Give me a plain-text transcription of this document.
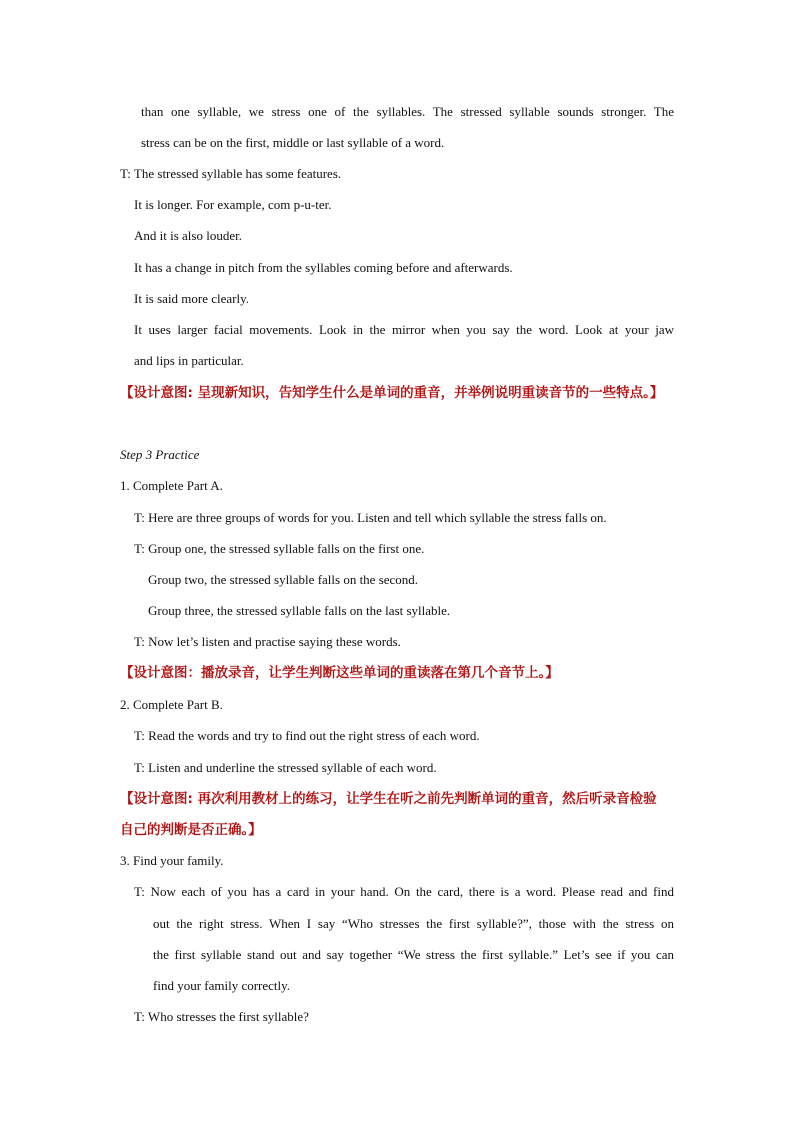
than one syllable, we stress one of the syllables. The stressed syllable sounds stronger. The
stress can be on the first, middle or last syllable of a word.
T: The stressed syllable has some features.
It is longer. For example, com p-u-ter.
And it is also louder.
It has a change in pitch from the syllables coming before and afterwards.
It is said more clearly.
It uses larger facial movements. Look in the mirror when you say the word. Look at your jaw
and lips in particular.
【设计意图: 呈现新知识，告知学生什么是单词的重音，并举例说明重读音节的一些特点。】
Step 3 Practice
1. Complete Part A.
T: Here are three groups of words for you. Listen and tell which syllable the stress falls on.
T: Group one, the stressed syllable falls on the first one.
Group two, the stressed syllable falls on the second.
Group three, the stressed syllable falls on the last syllable.
T: Now let’s listen and practise saying these words.
【设计意图：播放录音，让学生判断这些单词的重读落在第几个音节上。】
2. Complete Part B.
T: Read the words and try to find out the right stress of each word.
T: Listen and underline the stressed syllable of each word.
【设计意图: 再次利用教材上的练习，让学生在听之前先判断单词的重音，然后听录音检验
自己的判断是否正确。】
3. Find your family.
T: Now each of you has a card in your hand. On the card, there is a word. Please read and find
out the right stress. When I say “Who stresses the first syllable?”, those with the stress on
the first syllable stand out and say together “We stress the first syllable.” Let’s see if you can
find your family correctly.
T: Who stresses the first syllable?
